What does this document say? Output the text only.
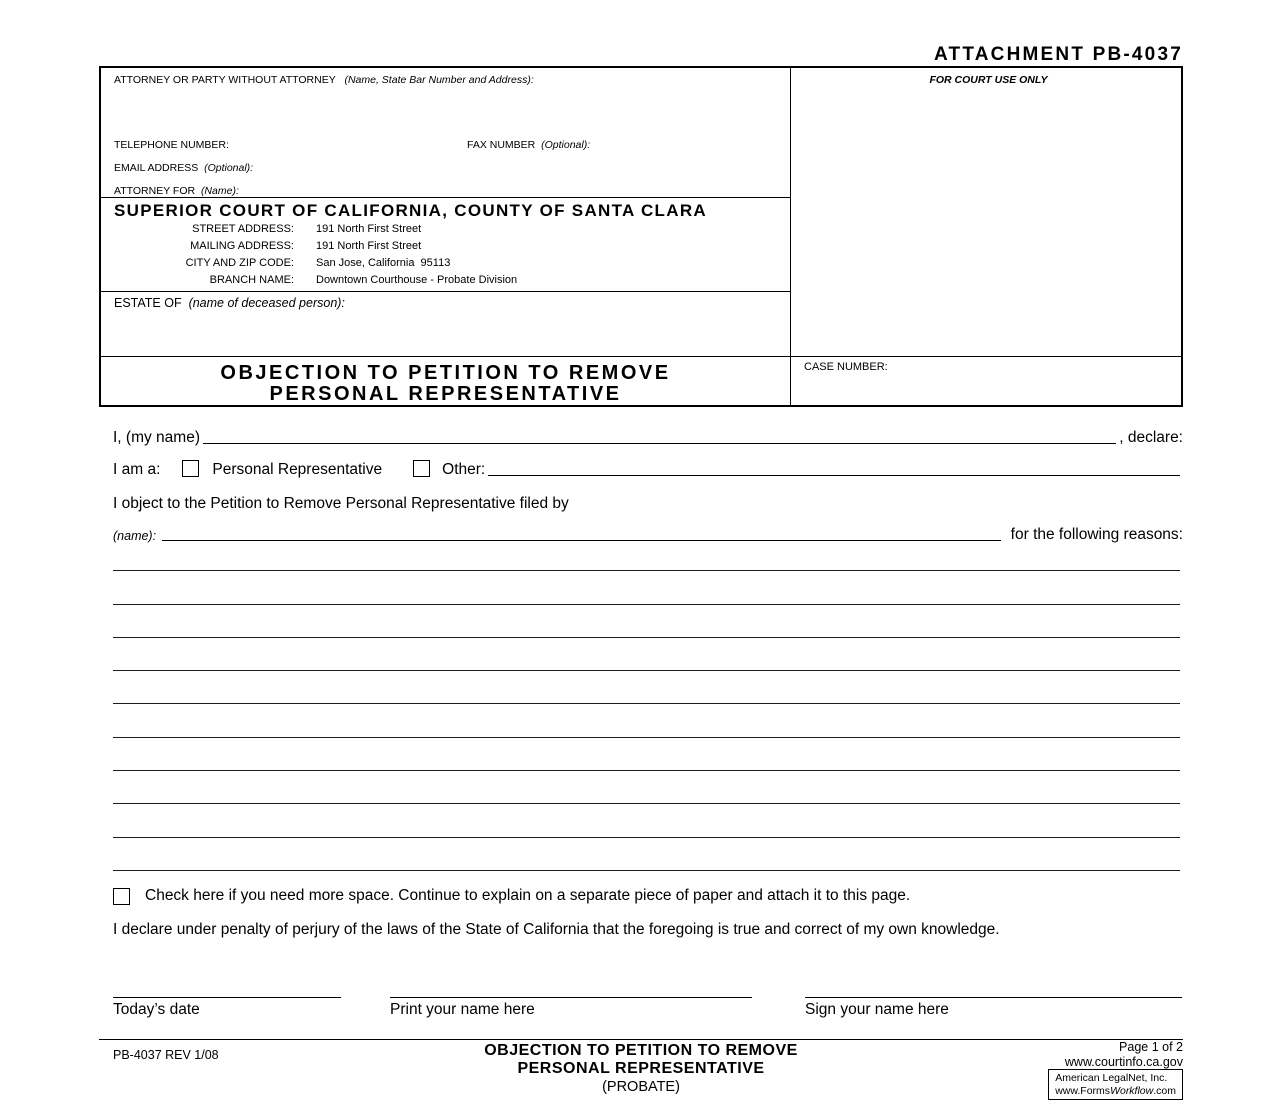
ATTACHMENT PB-4037
ATTORNEY OR PARTY WITHOUT ATTORNEY (Name, State Bar Number and Address):
TELEPHONE NUMBER:	FAX NUMBER (Optional):
EMAIL ADDRESS (Optional):
ATTORNEY FOR (Name):
SUPERIOR COURT OF CALIFORNIA, COUNTY OF SANTA CLARA
STREET ADDRESS: 191 North First Street
MAILING ADDRESS: 191 North First Street
CITY AND ZIP CODE: San Jose, California  95113
BRANCH NAME: Downtown Courthouse - Probate Division
ESTATE OF (name of deceased person):
OBJECTION TO PETITION TO REMOVE
PERSONAL REPRESENTATIVE
FOR COURT USE ONLY
CASE NUMBER:
I, (my name)	, declare:
I am a:	Personal Representative	Other:
I object to the Petition to Remove Personal Representative filed by
(name):	for the following reasons:
Check here if you need more space. Continue to explain on a separate piece of paper and attach it to this page.
I declare under penalty of perjury of the laws of the State of California that the foregoing is true and correct of my own knowledge.
Today’s date	Print your name here	Sign your name here
PB-4037 REV 1/08	OBJECTION TO PETITION TO REMOVE
PERSONAL REPRESENTATIVE
(PROBATE)
Page 1 of 2
www.courtinfo.ca.gov
American LegalNet, Inc.
www.FormsWorkflow.com
